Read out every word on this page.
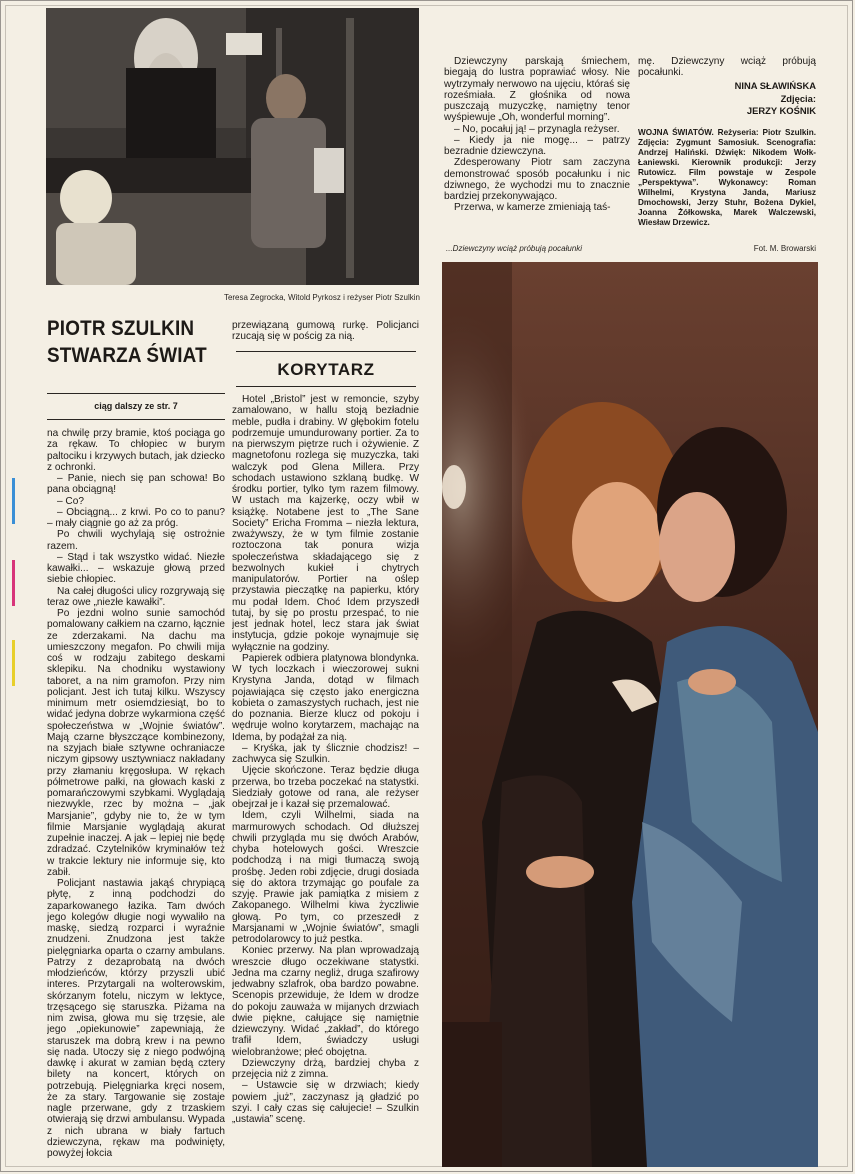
Teresa Zegrocka, Witold Pyrkosz i reżyser Piotr Szulkin
PIOTR SZULKIN
STWARZA ŚWIAT
ciąg dalszy ze str. 7

na chwilę przy bramie, ktoś pociąga go za rękaw. To chłopiec w burym paltociku i krzywych butach, jak dziecko z ochronki.

– Panie, niech się pan schowa! Bo pana obciągną!

– Co?

– Obciągną... z krwi. Po co to panu? – mały ciągnie go aż za próg.

Po chwili wychylają się ostrożnie razem.

– Stąd i tak wszystko widać. Niezłe kawałki... – wskazuje głową przed siebie chłopiec.

Na całej długości ulicy rozgrywają się teraz owe „niezłe kawałki”.

Po jezdni wolno sunie samochód pomalowany całkiem na czarno, łącznie ze zderzakami. Na dachu ma umieszczony megafon. Po chwili mija coś w rodzaju zabitego deskami sklepiku. Na chodniku wystawiony taboret, a na nim gramofon. Przy nim policjant. Jest ich tutaj kilku. Wszyscy minimum metr osiemdziesiąt, bo to widać jedyna dobrze wykarmiona część społeczeństwa w „Wojnie światów”. Mają czarne błyszczące kombinezony, na szyjach białe sztywne ochraniacze niczym gipsowy usztywniacz nakładany przy złamaniu kręgosłupa. W rękach półmetrowe pałki, na głowach kaski z pomarańczowymi szybkami. Wyglądają niezwykle, rzec by można – „jak Marsjanie”, gdyby nie to, że w tym filmie Marsjanie wyglądają akurat zupełnie inaczej. A jak – lepiej nie będę zdradzać. Czytelników kryminałów też w trakcie lektury nie informuje się, kto zabił.

Policjant nastawia jakąś chrypiącą płytę, z inną podchodzi do zaparkowanego łazika. Tam dwóch jego kolegów długie nogi wywaliło na maskę, siedzą rozparci i wyraźnie znudzeni. Znudzona jest także pielęgniarka oparta o czarny ambulans. Patrzy z dezaprobatą na dwóch młodzieńców, którzy przyszli ubić interes. Przytargali na wolterowskim, skórzanym fotelu, niczym w lektyce, trzęsącego się staruszka. Piżama na nim zwisa, głowa mu się trzęsie, ale jego „opiekunowie” zapewniają, że staruszek ma dobrą krew i na pewno się nada. Utoczy się z niego podwójną dawkę i akurat w zamian będą cztery bilety na koncert, których on potrzebują. Pielęgniarka kręci nosem, że za stary. Targowanie się zostaje nagle przerwane, gdy z trzaskiem otwierają się drzwi ambulansu. Wypada z nich ubrana w biały fartuch dziewczyna, rękaw ma podwinięty, powyżej łokcia

przewiązaną gumową rurkę. Policjanci rzucają się w pościg za nią.

KORYTARZ

Hotel „Bristol” jest w remoncie, szyby zamalowano, w hallu stoją bezładnie meble, pudła i drabiny. W głębokim fotelu podrzemuje umundurowany portier. Za to na pierwszym piętrze ruch i ożywienie. Z magnetofonu rozlega się muzyczka, taki walczyk pod Glena Millera. Przy schodach ustawiono szklaną budkę. W środku portier, tylko tym razem filmowy. W ustach ma kajzerkę, oczy wbił w książkę. Notabene jest to „The Sane Society” Ericha Fromma – niezła lektura, zważywszy, że w tym filmie zostanie roztoczona tak ponura wizja społeczeństwa składającego się z bezwolnych kukieł i chytrych manipulatorów. Portier na oślep przystawia pieczątkę na papierku, który mu podał Idem. Choć Idem przyszedł tutaj, by się po prostu przespać, to nie jest jednak hotel, lecz stara jak świat instytucja, gdzie pokoje wynajmuje się wyłącznie na godziny.

Papierek odbiera platynowa blondynka. W tych loczkach i wieczorowej sukni Krystyna Janda, dotąd w filmach pojawiająca się często jako energiczna kobieta o zamaszystych ruchach, jest nie do poznania. Bierze klucz od pokoju i wędruje wolno korytarzem, machając na Idema, by podążał za nią.

– Kryśka, jak ty ślicznie chodzisz! – zachwyca się Szulkin.

Ujęcie skończone. Teraz będzie długa przerwa, bo trzeba poczekać na statystki. Siedziały gotowe od rana, ale reżyser obejrzał je i kazał się przemalować.

Idem, czyli Wilhelmi, siada na marmurowych schodach. Od dłuższej chwili przygląda mu się dwóch Arabów, chyba hotelowych gości. Wreszcie podchodzą i na migi tłumaczą swoją prośbę. Jeden robi zdjęcie, drugi dosiada się do aktora trzymając go poufale za szyję. Prawie jak pamiątka z misiem z Zakopanego. Wilhelmi kiwa życzliwie głową. Po tym, co przeszedł z Marsjanami w „Wojnie światów”, smagli petrodolarowcy to już pestka.

Koniec przerwy. Na plan wprowadzają wreszcie długo oczekiwane statystki. Jedna ma czarny negliż, druga szafirowy jedwabny szlafrok, oba bardzo powabne. Scenopis przewiduje, że Idem w drodze do pokoju zauważa w mijanych drzwiach dwie piękne, całujące się namiętnie dziewczyny. Widać „zakład”, do którego trafił Idem, świadczy usługi wielobranżowe; płeć obojętna.

Dziewczyny drżą, bardziej chyba z przejęcia niż z zimna.

– Ustawcie się w drzwiach; kiedy powiem „już”, zaczynasz ją gładzić po szyi. I cały czas się całujecie! – Szulkin „ustawia” scenę.

Dziewczyny parskają śmiechem, biegają do lustra poprawiać włosy. Nie wytrzymały nerwowo na ujęciu, któraś się roześmiała. Z głośnika od nowa puszczają muzyczkę, namiętny tenor wyśpiewuje „Oh, wonderful morning”.

– No, pocałuj ją! – przynagla reżyser.

– Kiedy ja nie mogę... – patrzy bezradnie dziewczyna.

Zdesperowany Piotr sam zaczyna demonstrować sposób pocałunku i nic dziwnego, że wychodzi mu to znacznie bardziej przekonywająco.

Przerwa, w kamerze zmieniają taś-

mę. Dziewczyny wciąż próbują pocałunki.

NINA SŁAWIŃSKA
Zdjęcia:
JERZY KOŚNIK
WOJNA ŚWIATÓW. Reżyseria: Piotr Szulkin. Zdjęcia: Zygmunt Samosiuk. Scenografia: Andrzej Haliński. Dźwięk: Nikodem Wołk-Łaniewski. Kierownik produkcji: Jerzy Rutowicz. Film powstaje w Zespole „Perspektywa”. Wykonawcy: Roman Wilhelmi, Krystyna Janda, Mariusz Dmochowski, Jerzy Stuhr, Bożena Dykiel, Joanna Żółkowska, Marek Walczewski, Wiesław Drzewicz.
...Dziewczyny wciąż próbują pocałunki	Fot. M. Browarski
